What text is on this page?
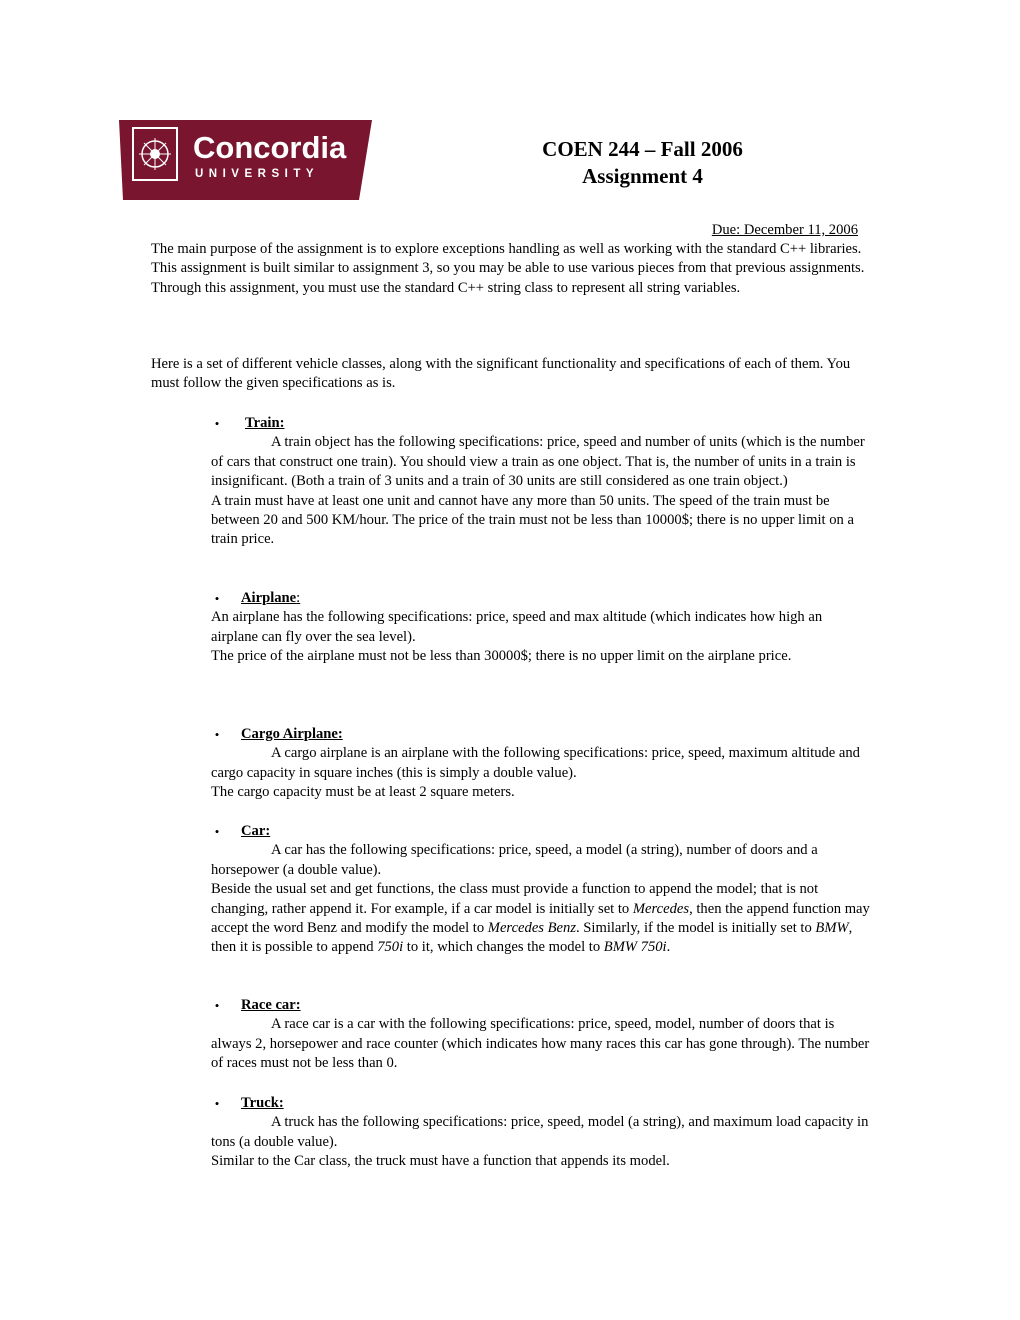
Concordia
UNIVERSITY
COEN 244 – Fall 2006
Assignment 4
Due: December 11, 2006

The main purpose of the assignment is to explore exceptions handling as well as working with the standard C++ libraries. This assignment is built similar to assignment 3, so you may be able to use various pieces from that previous assignments. Through this assignment, you must use the standard C++ string class to represent all string variables.

Here is a set of different vehicle classes, along with the significant functionality and specifications of each of them. You must follow the given specifications as is.

• Train:

A train object has the following specifications: price, speed and number of units (which is the number of cars that construct one train). You should view a train as one object. That is, the number of units in a train is insignificant. (Both a train of 3 units and a train of 30 units are still considered as one train object.)

A train must have at least one unit and cannot have any more than 50 units. The speed of the train must be between 20 and 500 KM/hour. The price of the train must not be less than 10000$; there is no upper limit on a train price.

• Airplane:

An airplane has the following specifications: price, speed and max altitude (which indicates how high an airplane can fly over the sea level).

The price of the airplane must not be less than 30000$; there is no upper limit on the airplane price.

• Cargo Airplane:

A cargo airplane is an airplane with the following specifications: price, speed, maximum altitude and cargo capacity in square inches (this is simply a double value).

The cargo capacity must be at least 2 square meters.

• Car:

A car has the following specifications: price, speed, a model (a string), number of doors and a horsepower (a double value).

Beside the usual set and get functions, the class must provide a function to append the model; that is not changing, rather append it. For example, if a car model is initially set to Mercedes, then the append function may accept the word Benz and modify the model to Mercedes Benz. Similarly, if the model is initially set to BMW, then it is possible to append 750i to it, which changes the model to BMW 750i.

• Race car:

A race car is a car with the following specifications: price, speed, model, number of doors that is always 2, horsepower and race counter (which indicates how many races this car has gone through). The number of races must not be less than 0.

• Truck:

A truck has the following specifications: price, speed, model (a string), and maximum load capacity in tons (a double value).

Similar to the Car class, the truck must have a function that appends its model.
